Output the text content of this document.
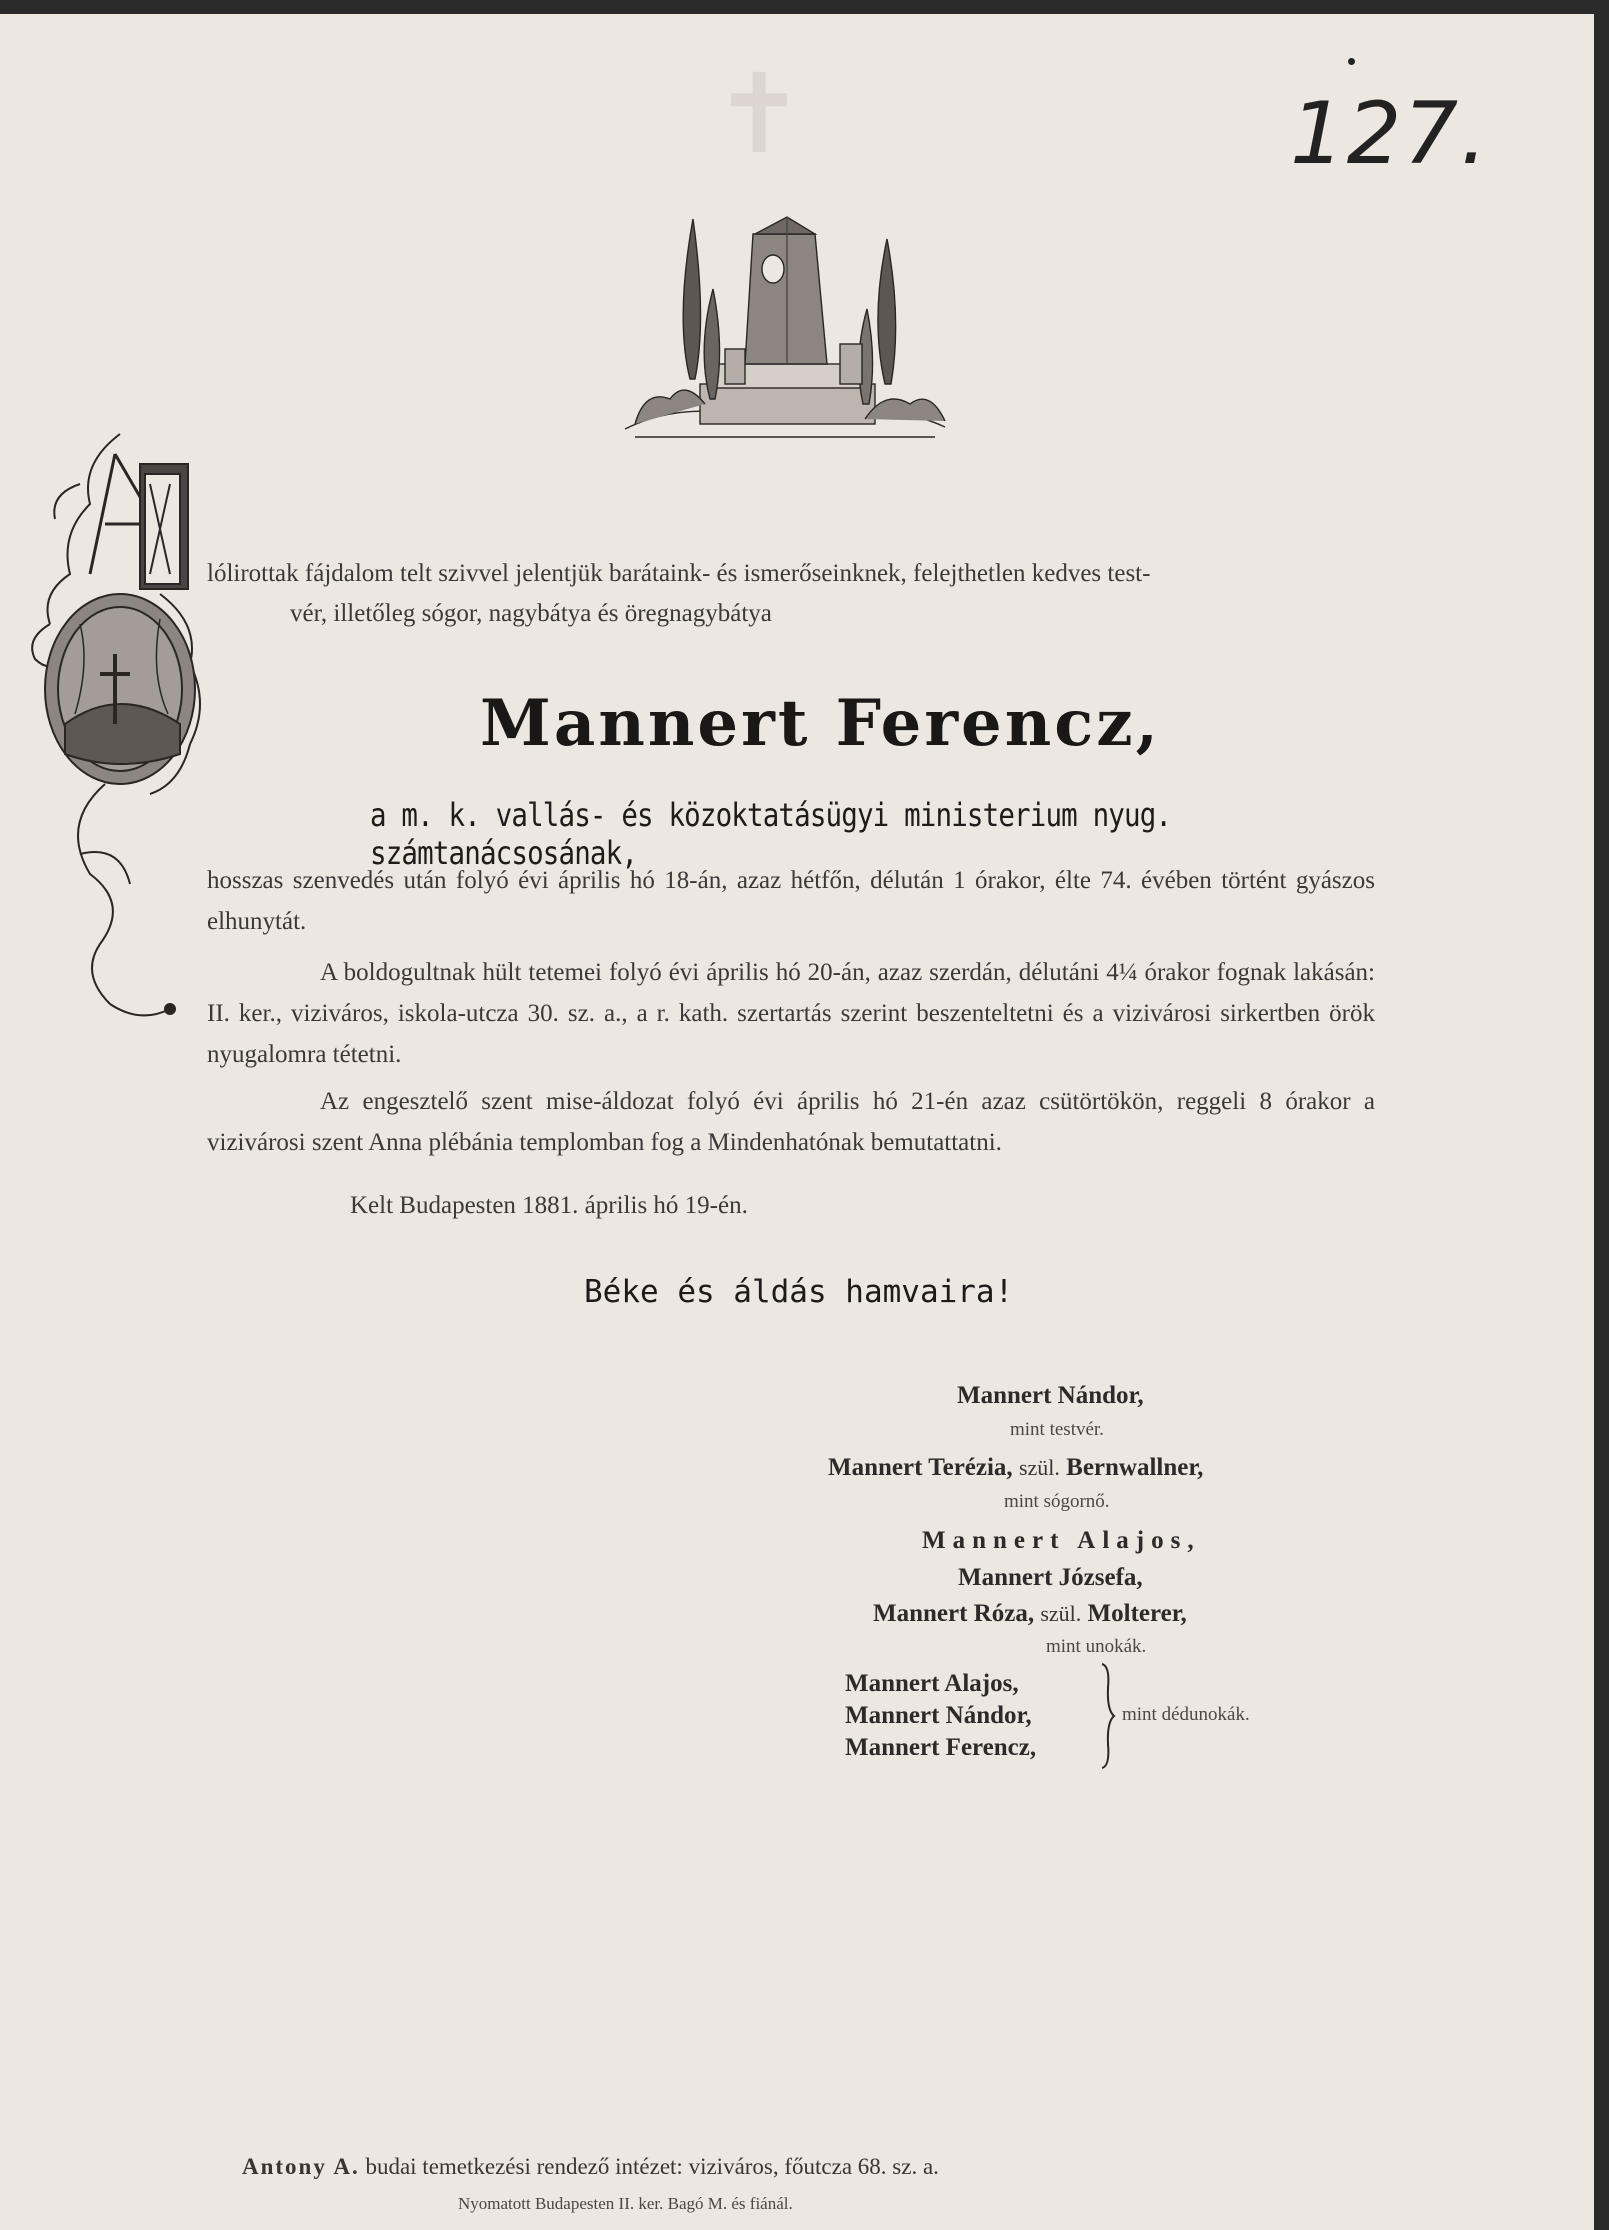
✝	127.
lólirottak fájdalom telt szivvel jelentjük barátaink- és ismerőseinknek, felejthetlen kedves test-
vér, illetőleg sógor, nagybátya és öregnagybátya
Mannert Ferencz,
a m. k. vallás- és közoktatásügyi ministerium nyug. számtanácsosának,
hosszas szenvedés után folyó évi április hó 18-án, azaz hétfőn, délután 1 órakor, élte 74. évében történt gyászos elhunytát.
A boldogultnak hült tetemei folyó évi április hó 20-án, azaz szerdán, délutáni 4¼ órakor fognak lakásán: II. ker., viziváros, iskola-utcza 30. sz. a., a r. kath. szertartás szerint beszenteltetni és a vizivárosi sirkertben örök nyugalomra tétetni.
Az engesztelő szent mise-áldozat folyó évi április hó 21-én azaz csütörtökön, reggeli 8 órakor a vizivárosi szent Anna plébánia templomban fog a Mindenhatónak bemutattatni.
Kelt Budapesten 1881. április hó 19-én.
Béke és áldás hamvaira!
Mannert Nándor,
mint testvér.
Mannert Terézia, szül. Bernwallner,
mint sógornő.
Mannert Alajos,
Mannert Józsefa,
Mannert Róza, szül. Molterer,
mint unokák.
Mannert Alajos,
Mannert Nándor,
Mannert Ferencz,
mint dédunokák.
Antony A. budai temetkezési rendező intézet: viziváros, főutcza 68. sz. a.
Nyomatott Budapesten II. ker. Bagó M. és fiánál.
